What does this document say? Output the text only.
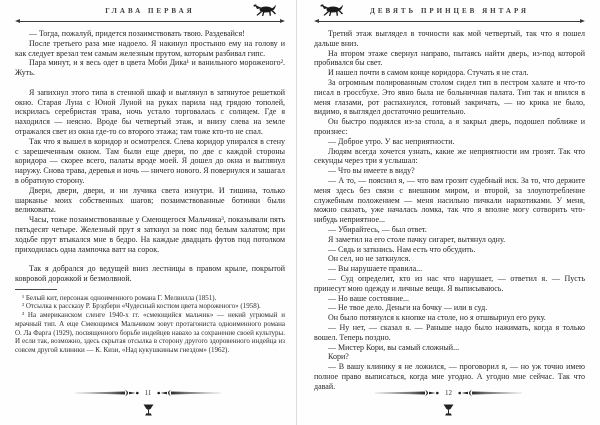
ГЛАВА ПЕРВАЯ

— Тогда, пожалуй, придется позаимствовать твою. Раздевайся!

После третьего раза мне надоело. Я накинул простыню ему на голову и как следует врезал тем самым железным прутом, которым разбивал гипс.

Пара минут, и я весь одет в цвета Моби Дика¹ и ванильного мороженого². Жуть.

Я запихнул этого типа в стенной шкаф и выглянул в затянутое решеткой окно. Старая Луна с Юной Луной на руках парила над грядою тополей, искрилась серебристая трава, ночь устало торговалась с солнцем. Где я находился — неясно. Вроде бы четвертый этаж, и внизу слева на земле отражался свет из окна где-то со второго этажа; там тоже кто-то не спал.

Так что я вышел в коридор и осмотрелся. Слева коридор упирался в стену с зарешеченным окном. Там были еще двери, по две с каждой стороны коридора — скорее всего, палаты вроде моей. Я дошел до окна и выглянул наружу. Снова трава, деревья и ночь — ничего нового. Я повернулся и зашагал в обратную сторону.

Двери, двери, двери, и ни лучика света изнутри. И тишина, только шарканье моих собственных шагов; позаимствованные ботинки были великоваты.

Часы, тоже позаимствованные у Смеющегося Мальчика³, показывали пять пятьдесят четыре. Железный прут я заткнул за пояс под белым халатом; при ходьбе прут втыкался мне в бедро. На каждые двадцать футов под потолком приходилась одна лампочка ватт на сорок.

Так я добрался до ведущей вниз лестницы в правом крыле, покрытой ковровой дорожкой и безмолвной.

¹ Белый кит, персонаж одноименного романа Г. Мелвилла (1851).

² Отсылка к рассказу Р. Брэдбери «Чудесный костюм цвета мороженого» (1958).

³ На американском сленге 1940-х гг. «смеющийся мальчик» — некий угрюмый и мрачный тип. А еще Смеющимся Мальчиком зовут протагониста одноименного романа О. Ла Фарга (1929), посвященного борьбе индейцев навахо за сохранение своей культуры. И если так, возможно, здесь скрытая отсылка в сторону другого здоровенного индейца из совсем другой клиники — К. Кизи, «Над кукушкиным гнездом» (1962).

11
ДЕВЯТЬ ПРИНЦЕВ ЯНТАРЯ

Третий этаж выглядел в точности как мой четвертый, так что я пошел дальше вниз.

На втором этаже свернул направо, пытаясь найти дверь, из-под которой пробивался бы свет.

И нашел почти в самом конце коридора. Стучать я не стал.

За огромным полированным столом сидел тип в пестром халате и что-то писал в гроссбухе. Это явно была не больничная палата. Тип так и впился в меня глазами, рот распахнулся, готовый закричать, — но крика не было, видимо, я выглядел достаточно решительно.

Он быстро поднялся из-за стола, а я закрыл дверь, подошел поближе и произнес:

— Доброе утро. У вас неприятности.

Людям всегда хочется узнать, какие же неприятности им грозят. Так что секунды через три я услышал:

— Что вы имеете в виду?

— А то, — пояснил я, — что вам грозит судебный иск. За то, что держите меня здесь без связи с внешним миром, и второй, за злоупотребление служебным положением — меня насильно пичкали наркотиками. У меня, можно сказать, уже началась ломка, так что я вполне могу сотворить что-нибудь неприятное...

— Убирайтесь, — был ответ.

Я заметил на его столе пачку сигарет, вытянул одну.

— Сядь и заткнись. Нам есть что обсудить.

Он сел, но не заткнулся.

— Вы нарушаете правила...

— Суд определит, кто из нас что нарушает, — ответил я. — Пусть принесут мою одежду и личные вещи. Я выписываюсь.

— Но ваше состояние...

— Не твое дело. Деньги на бочку — или в суд.

Он было потянулся к кнопке на столе, но я отшвырнул его руку.

— Ну нет, — сказал я. — Раньше надо было нажимать, когда я только вошел. Теперь поздно.

— Мистер Кори, вы самый сложный...

Кори?

— В вашу клинику я не ложился, — проговорил я, — но уж точно имею полное право выписаться, когда мне угодно. А угодно мне сейчас. Так что давай.

12
